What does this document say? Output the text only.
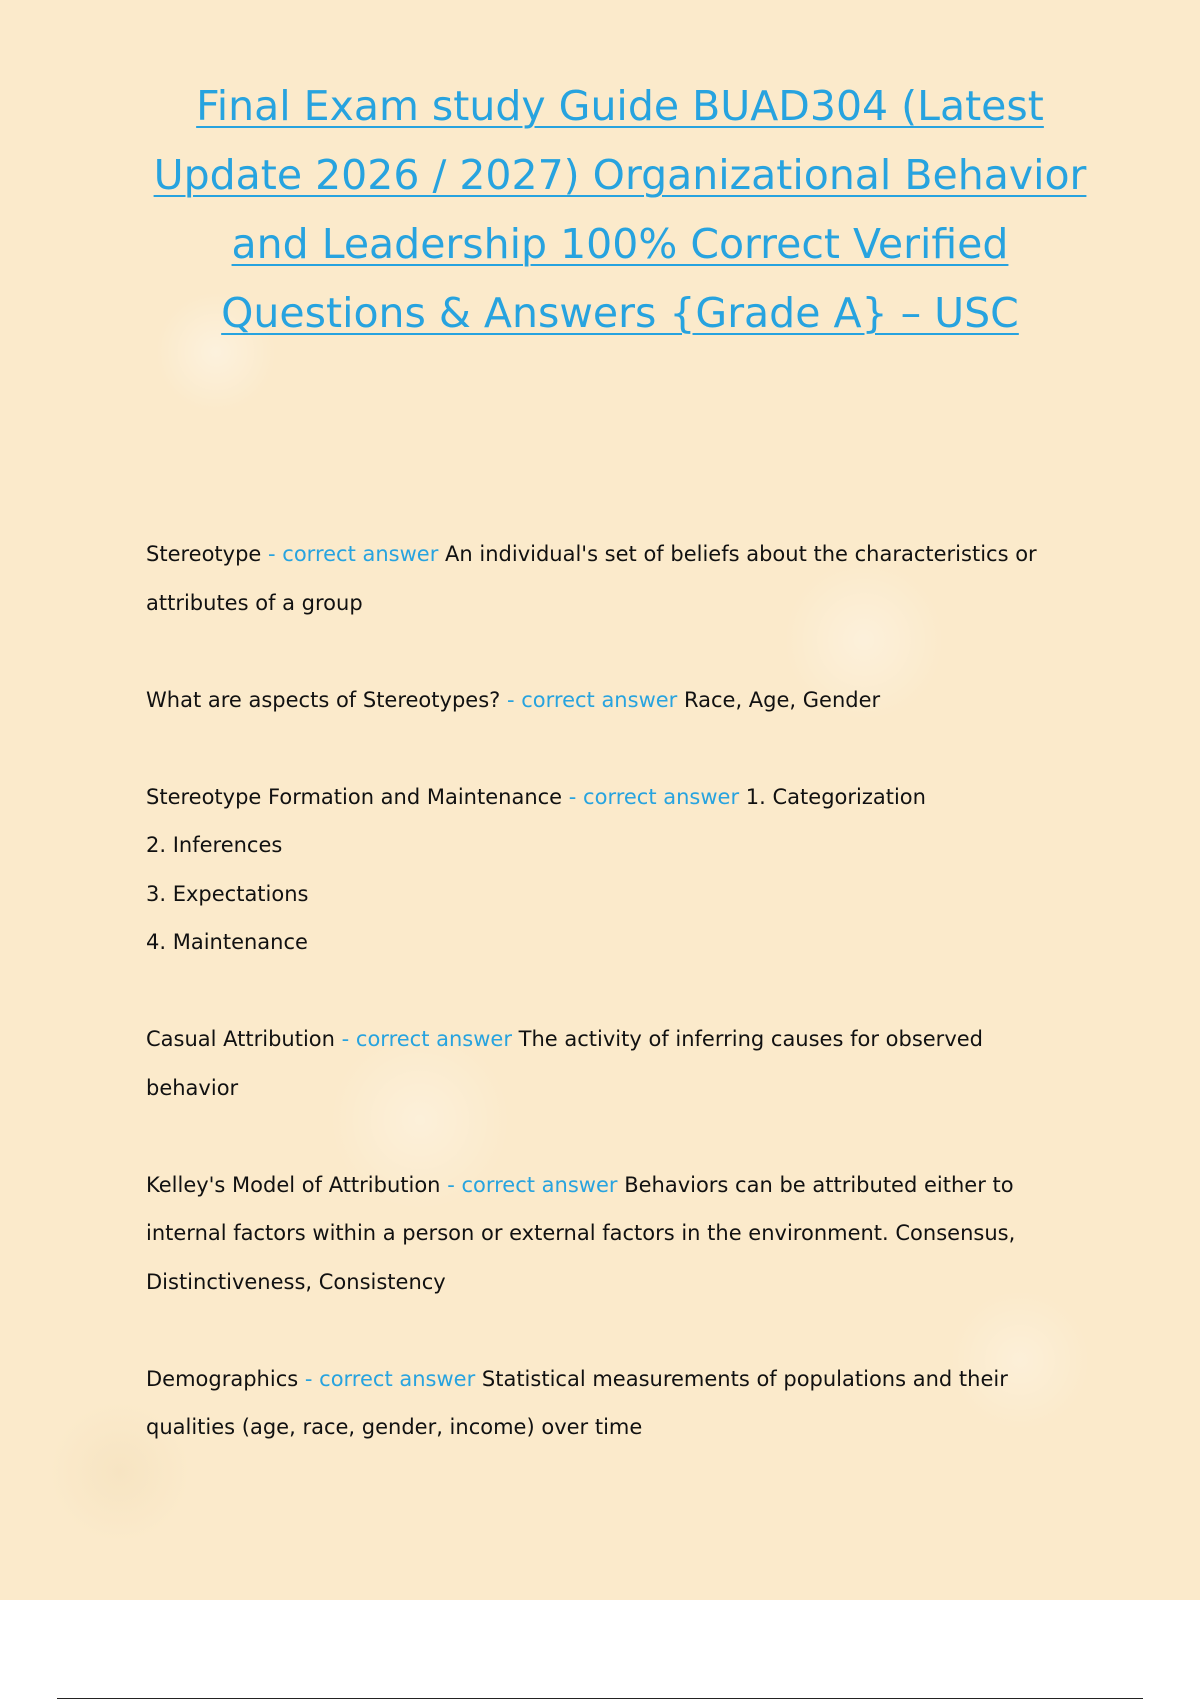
Final Exam study Guide BUAD304 (Latest Update 2026 / 2027) Organizational Behavior and Leadership 100% Correct Verified Questions & Answers {Grade A} – USC
Stereotype - correct answer An individual's set of beliefs about the characteristics or
attributes of a group
What are aspects of Stereotypes? - correct answer Race, Age, Gender
Stereotype Formation and Maintenance - correct answer 1. Categorization
2. Inferences
3. Expectations
4. Maintenance
Casual Attribution - correct answer The activity of inferring causes for observed
behavior
Kelley's Model of Attribution - correct answer Behaviors can be attributed either to
internal factors within a person or external factors in the environment. Consensus,
Distinctiveness, Consistency
Demographics - correct answer Statistical measurements of populations and their
qualities (age, race, gender, income) over time
